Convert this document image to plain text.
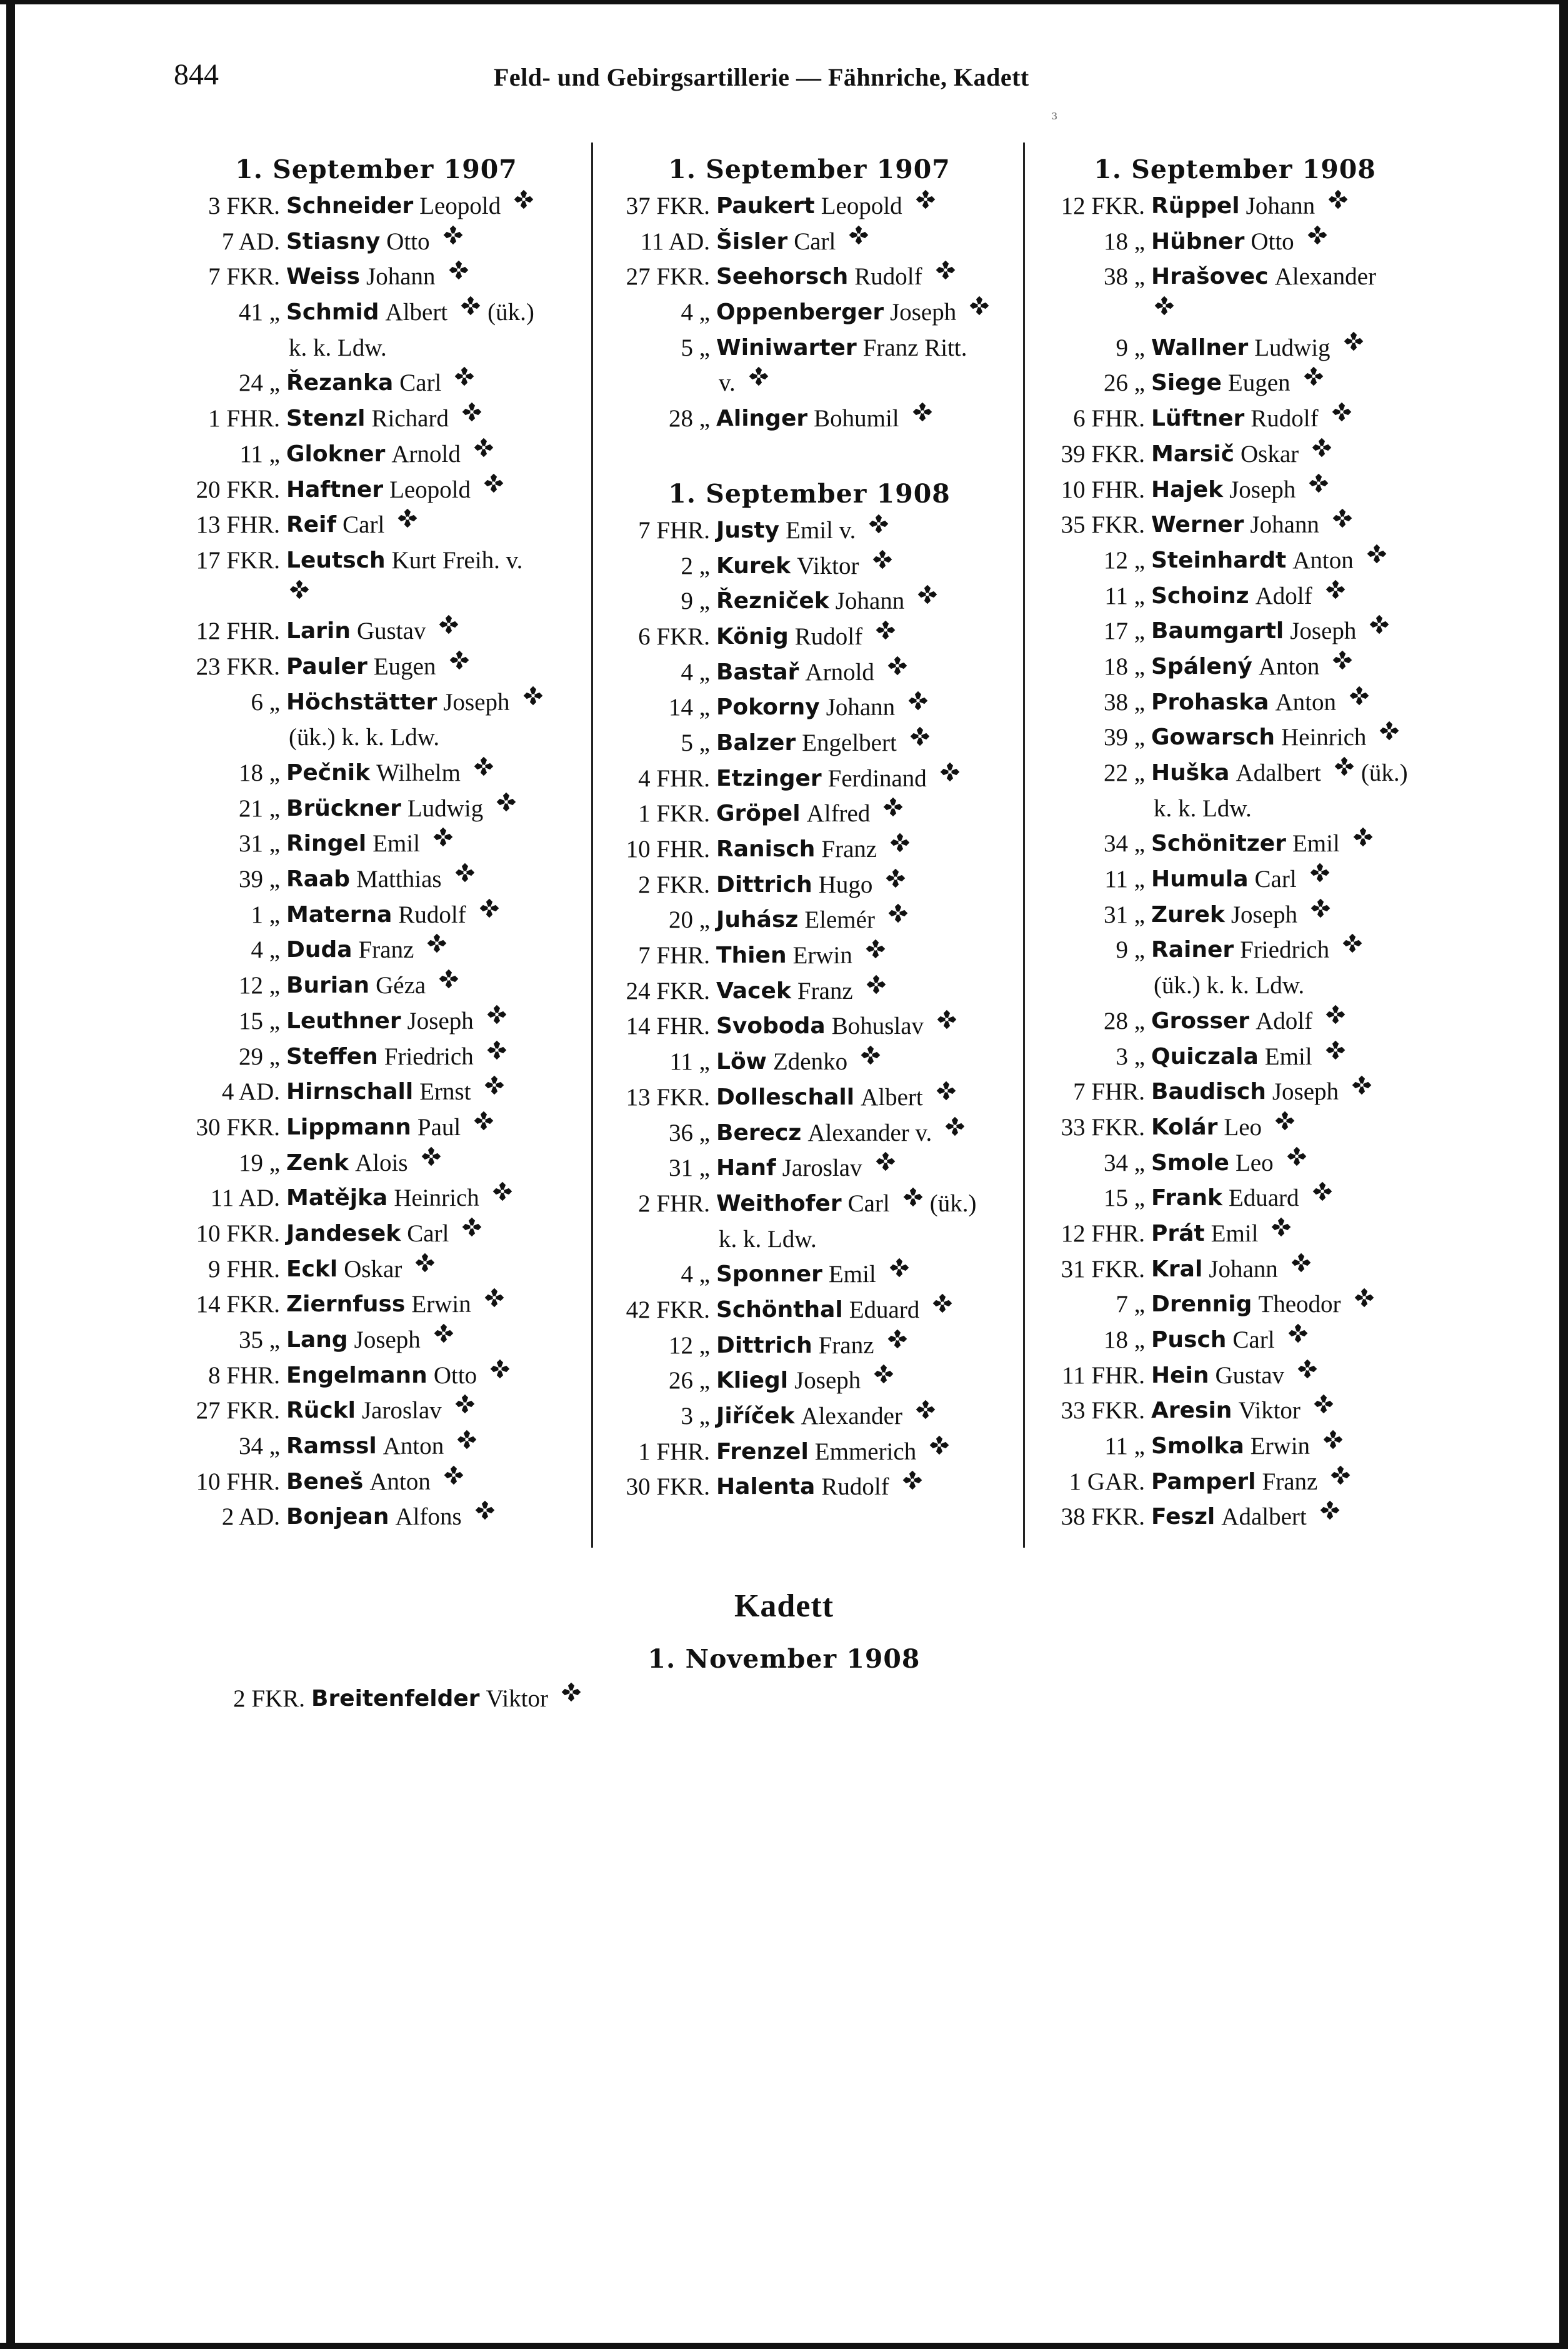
844	Feld- und Gebirgsartillerie — Fähnriche, Kadett
₃
1. September 1907
3 FKR. Schneider Leopold
7 AD. Stiasny Otto
7 FKR. Weiss Johann
41 „ Schmid Albert (ük.)
k. k. Ldw.
24 „ Řezanka Carl
1 FHR. Stenzl Richard
11 „ Glokner Arnold
20 FKR. Haftner Leopold
13 FHR. Reif Carl
17 FKR. Leutsch Kurt Freih. v.
12 FHR. Larin Gustav
23 FKR. Pauler Eugen
6 „ Höchstätter Joseph
(ük.) k. k. Ldw.
18 „ Pečnik Wilhelm
21 „ Brückner Ludwig
31 „ Ringel Emil
39 „ Raab Matthias
1 „ Materna Rudolf
4 „ Duda Franz
12 „ Burian Géza
15 „ Leuthner Joseph
29 „ Steffen Friedrich
4 AD. Hirnschall Ernst
30 FKR. Lippmann Paul
19 „ Zenk Alois
11 AD. Matějka Heinrich
10 FKR. Jandesek Carl
9 FHR. Eckl Oskar
14 FKR. Ziernfuss Erwin
35 „ Lang Joseph
8 FHR. Engelmann Otto
27 FKR. Rückl Jaroslav
34 „ Ramssl Anton
10 FHR. Beneš Anton
2 AD. Bonjean Alfons
1. September 1907
37 FKR. Paukert Leopold
11 AD. Šisler Carl
27 FKR. Seehorsch Rudolf
4 „ Oppenberger Joseph
5 „ Winiwarter Franz Ritt.
v.
28 „ Alinger Bohumil
1. September 1908
7 FHR. Justy Emil v.
2 „ Kurek Viktor
9 „ Řezniček Johann
6 FKR. König Rudolf
4 „ Bastař Arnold
14 „ Pokorny Johann
5 „ Balzer Engelbert
4 FHR. Etzinger Ferdinand
1 FKR. Gröpel Alfred
10 FHR. Ranisch Franz
2 FKR. Dittrich Hugo
20 „ Juhász Elemér
7 FHR. Thien Erwin
24 FKR. Vacek Franz
14 FHR. Svoboda Bohuslav
11 „ Löw Zdenko
13 FKR. Dolleschall Albert
36 „ Berecz Alexander v.
31 „ Hanf Jaroslav
2 FHR. Weithofer Carl (ük.)
k. k. Ldw.
4 „ Sponner Emil
42 FKR. Schönthal Eduard
12 „ Dittrich Franz
26 „ Kliegl Joseph
3 „ Jiříček Alexander
1 FHR. Frenzel Emmerich
30 FKR. Halenta Rudolf
1. September 1908
12 FKR. Rüppel Johann
18 „ Hübner Otto
38 „ Hrašovec Alexander
9 „ Wallner Ludwig
26 „ Siege Eugen
6 FHR. Lüftner Rudolf
39 FKR. Marsič Oskar
10 FHR. Hajek Joseph
35 FKR. Werner Johann
12 „ Steinhardt Anton
11 „ Schoinz Adolf
17 „ Baumgartl Joseph
18 „ Spálený Anton
38 „ Prohaska Anton
39 „ Gowarsch Heinrich
22 „ Huška Adalbert (ük.)
k. k. Ldw.
34 „ Schönitzer Emil
11 „ Humula Carl
31 „ Zurek Joseph
9 „ Rainer Friedrich
(ük.) k. k. Ldw.
28 „ Grosser Adolf
3 „ Quiczala Emil
7 FHR. Baudisch Joseph
33 FKR. Kolár Leo
34 „ Smole Leo
15 „ Frank Eduard
12 FHR. Prát Emil
31 FKR. Kral Johann
7 „ Drennig Theodor
18 „ Pusch Carl
11 FHR. Hein Gustav
33 FKR. Aresin Viktor
11 „ Smolka Erwin
1 GAR. Pamperl Franz
38 FKR. Feszl Adalbert
Kadett
1. November 1908
2 FKR. Breitenfelder Viktor
